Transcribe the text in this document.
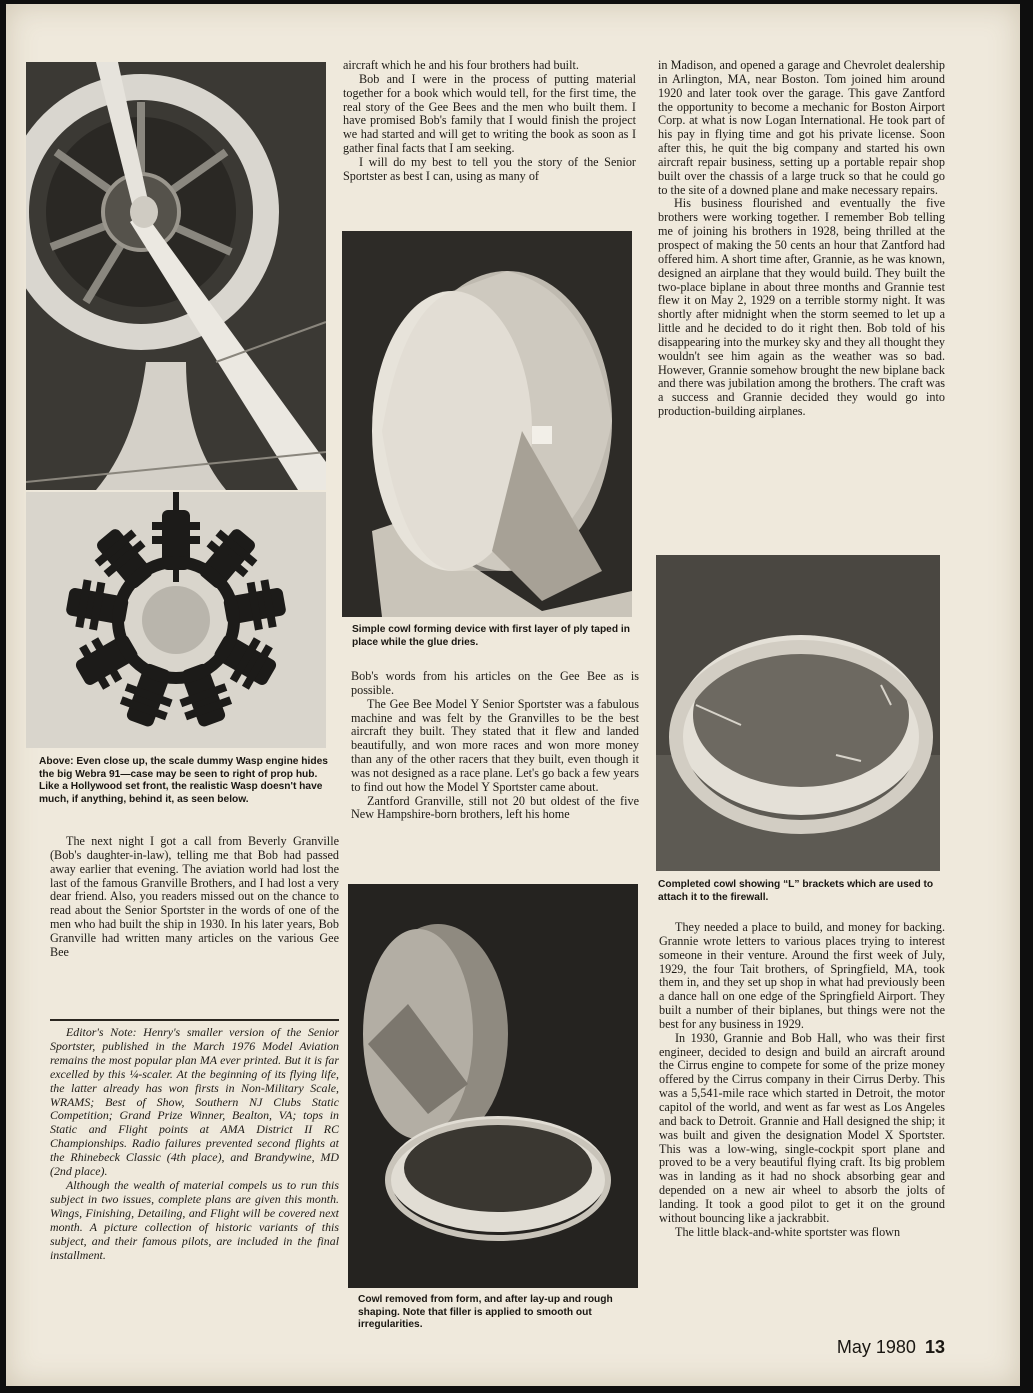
Above: Even close up, the scale dummy Wasp engine hides the big Webra 91—case may be seen to right of prop hub. Like a Hollywood set front, the realistic Wasp doesn't have much, if anything, behind it, as seen below.

The next night I got a call from Beverly Granville (Bob's daughter-in-law), telling me that Bob had passed away earlier that evening. The aviation world had lost the last of the famous Granville Brothers, and I had lost a very dear friend. Also, you readers missed out on the chance to read about the Senior Sportster in the words of one of the men who had built the ship in 1930. In his later years, Bob Granville had written many articles on the various Gee Bee

Editor's Note: Henry's smaller version of the Senior Sportster, published in the March 1976 Model Aviation remains the most popular plan MA ever printed. But it is far excelled by this ¼-scaler. At the beginning of its flying life, the latter already has won firsts in Non-Military Scale, WRAMS; Best of Show, Southern NJ Clubs Static Competition; Grand Prize Winner, Bealton, VA; tops in Static and Flight points at AMA District II RC Championships. Radio failures prevented second flights at the Rhinebeck Classic (4th place), and Brandywine, MD (2nd place).

Although the wealth of material compels us to run this subject in two issues, complete plans are given this month. Wings, Finishing, Detailing, and Flight will be covered next month. A picture collection of historic variants of this subject, and their famous pilots, are included in the final installment.

aircraft which he and his four brothers had built.

Bob and I were in the process of putting material together for a book which would tell, for the first time, the real story of the Gee Bees and the men who built them. I have promised Bob's family that I would finish the project we had started and will get to writing the book as soon as I gather final facts that I am seeking.

I will do my best to tell you the story of the Senior Sportster as best I can, using as many of

Simple cowl forming device with first layer of ply taped in place while the glue dries.

Bob's words from his articles on the Gee Bee as is possible.

The Gee Bee Model Y Senior Sportster was a fabulous machine and was felt by the Granvilles to be the best aircraft they built. They stated that it flew and landed beautifully, and won more races and won more money than any of the other racers that they built, even though it was not designed as a race plane. Let's go back a few years to find out how the Model Y Sportster came about.

Zantford Granville, still not 20 but oldest of the five New Hampshire-born brothers, left his home

Cowl removed from form, and after lay-up and rough shaping. Note that filler is applied to smooth out irregularities.

in Madison, and opened a garage and Chevrolet dealership in Arlington, MA, near Boston. Tom joined him around 1920 and later took over the garage. This gave Zantford the opportunity to become a mechanic for Boston Airport Corp. at what is now Logan International. He took part of his pay in flying time and got his private license. Soon after this, he quit the big company and started his own aircraft repair business, setting up a portable repair shop built over the chassis of a large truck so that he could go to the site of a downed plane and make necessary repairs.

His business flourished and eventually the five brothers were working together. I remember Bob telling me of joining his brothers in 1928, being thrilled at the prospect of making the 50 cents an hour that Zantford had offered him. A short time after, Grannie, as he was known, designed an airplane that they would build. They built the two-place biplane in about three months and Grannie test flew it on May 2, 1929 on a terrible stormy night. It was shortly after midnight when the storm seemed to let up a little and he decided to do it right then. Bob told of his disappearing into the murkey sky and they all thought they wouldn't see him again as the weather was so bad. However, Grannie somehow brought the new biplane back and there was jubilation among the brothers. The craft was a success and Grannie decided they would go into production-building airplanes.

Completed cowl showing “L” brackets which are used to attach it to the firewall.

They needed a place to build, and money for backing. Grannie wrote letters to various places trying to interest someone in their venture. Around the first week of July, 1929, the four Tait brothers, of Springfield, MA, took them in, and they set up shop in what had previously been a dance hall on one edge of the Springfield Airport. They built a number of their biplanes, but things were not the best for any business in 1929.

In 1930, Grannie and Bob Hall, who was their first engineer, decided to design and build an aircraft around the Cirrus engine to compete for some of the prize money offered by the Cirrus company in their Cirrus Derby. This was a 5,541-mile race which started in Detroit, the motor capitol of the world, and went as far west as Los Angeles and back to Detroit. Grannie and Hall designed the ship; it was built and given the designation Model X Sportster. This was a low-wing, single-cockpit sport plane and proved to be a very beautiful flying craft. Its big problem was in landing as it had no shock absorbing gear and depended on a new air wheel to absorb the jolts of landing. It took a good pilot to get it on the ground without bouncing like a jackrabbit.

The little black-and-white sportster was flown

May 1980 13
